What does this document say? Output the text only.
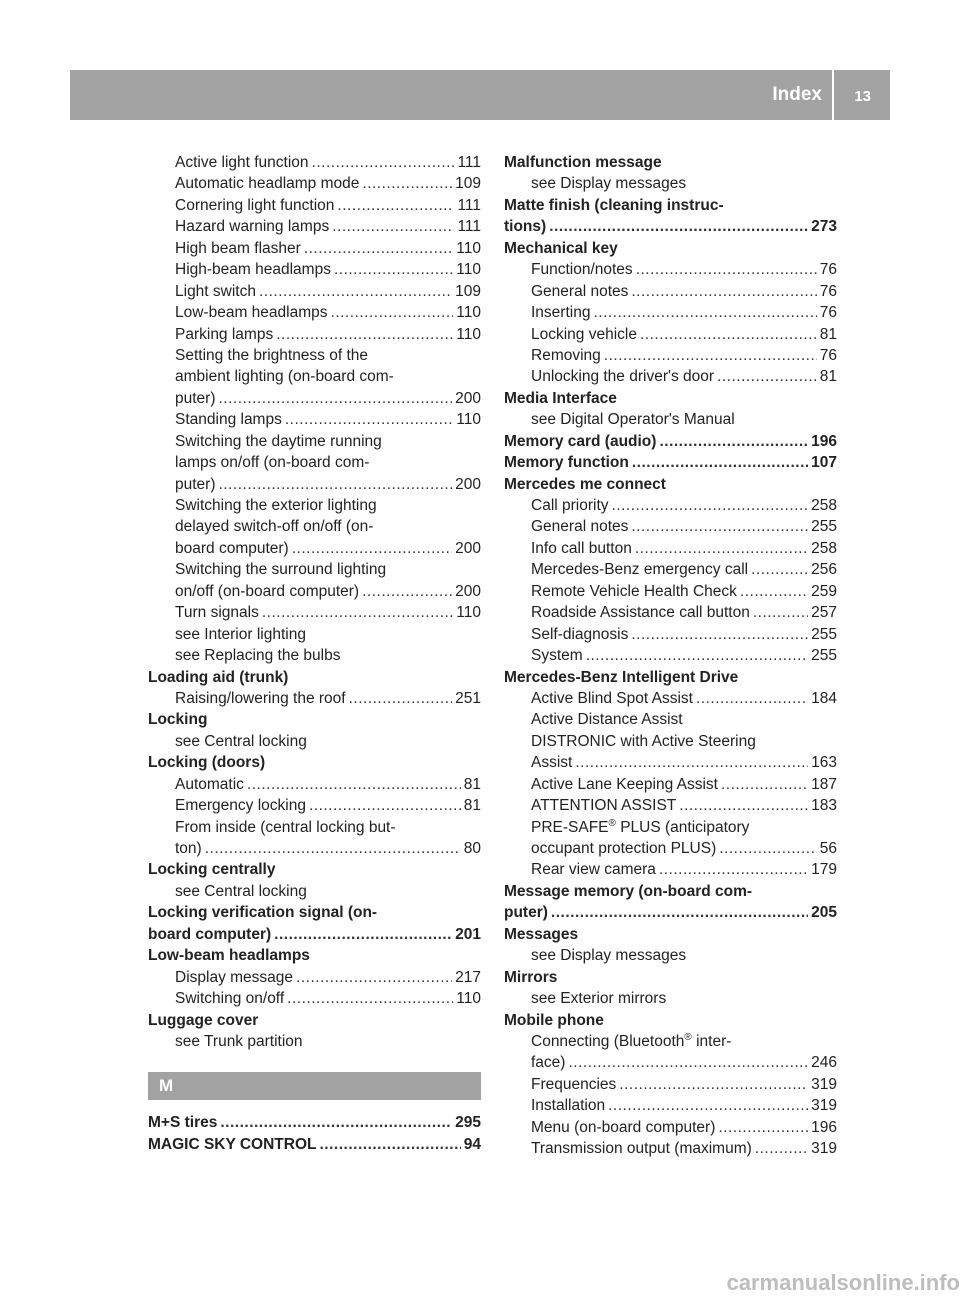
Index 13
Active light function .....	111
Automatic headlamp mode .....	109
Cornering light function .....	111
Hazard warning lamps .....	111
High beam flasher .....	110
High-beam headlamps .....	110
Light switch .....	109
Low-beam headlamps .....	110
Parking lamps .....	110
Setting the brightness of the
ambient lighting (on-board com-
puter) .....	200
Standing lamps .....	110
Switching the daytime running
lamps on/off (on-board com-
puter) .....	200
Switching the exterior lighting
delayed switch-off on/off (on-
board computer) .....	200
Switching the surround lighting
on/off (on-board computer) .....	200
Turn signals .....	110
see Interior lighting
see Replacing the bulbs
Loading aid (trunk)
Raising/lowering the roof .....	251
Locking
see Central locking
Locking (doors)
Automatic .....	81
Emergency locking .....	81
From inside (central locking but-
ton) .....	80
Locking centrally
see Central locking
Locking verification signal (on-
board computer) .....	201
Low-beam headlamps
Display message .....	217
Switching on/off .....	110
Luggage cover
see Trunk partition
M
M+S tires .....	295
MAGIC SKY CONTROL .....	94
Malfunction message
see Display messages
Matte finish (cleaning instruc-
tions) .....	273
Mechanical key
Function/notes .....	76
General notes .....	76
Inserting .....	76
Locking vehicle .....	81
Removing .....	76
Unlocking the driver's door .....	81
Media Interface
see Digital Operator's Manual
Memory card (audio) .....	196
Memory function .....	107
Mercedes me connect
Call priority .....	258
General notes .....	255
Info call button .....	258
Mercedes-Benz emergency call .....	256
Remote Vehicle Health Check .....	259
Roadside Assistance call button .....	257
Self-diagnosis .....	255
System .....	255
Mercedes-Benz Intelligent Drive
Active Blind Spot Assist .....	184
Active Distance Assist
DISTRONIC with Active Steering
Assist .....	163
Active Lane Keeping Assist .....	187
ATTENTION ASSIST .....	183
PRE-SAFE® PLUS (anticipatory
occupant protection PLUS) .....	56
Rear view camera .....	179
Message memory (on-board com-
puter) .....	205
Messages
see Display messages
Mirrors
see Exterior mirrors
Mobile phone
Connecting (Bluetooth® inter-
face) .....	246
Frequencies .....	319
Installation .....	319
Menu (on-board computer) .....	196
Transmission output (maximum) .....	319
carmanualsonline.info
